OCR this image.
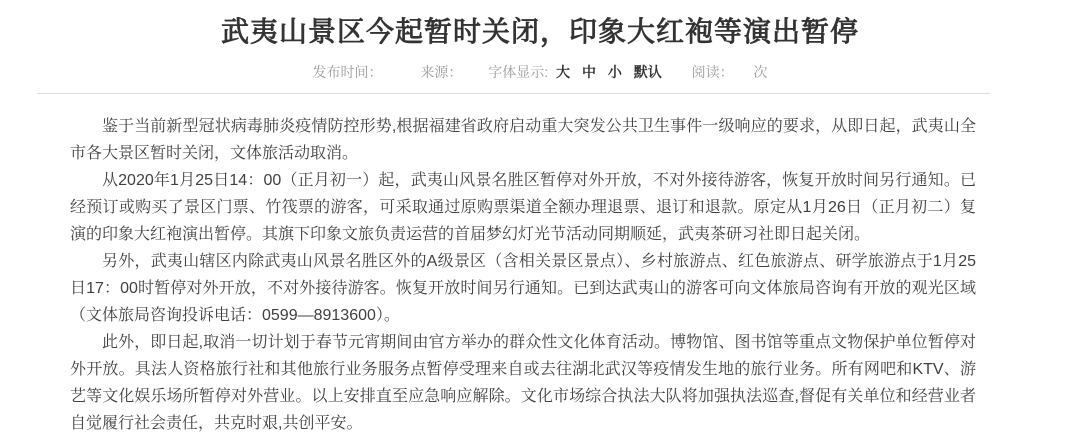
武夷山景区今起暂时关闭，印象大红袍等演出暂停
发布时间：	来源： 字体显示: 大 中 小 默认 阅读： 次

鉴于当前新型冠状病毒肺炎疫情防控形势,根据福建省政府启动重大突发公共卫生事件一级响应的要求，从即日起，武夷山全市各大景区暂时关闭，文体旅活动取消。

从2020年1月25日14：00（正月初一）起，武夷山风景名胜区暂停对外开放，不对外接待游客，恢复开放时间另行通知。已经预订或购买了景区门票、竹筏票的游客，可采取通过原购票渠道全额办理退票、退订和退款。原定从1月26日（正月初二）复演的印象大红袍演出暂停。其旗下印象文旅负责运营的首届梦幻灯光节活动同期顺延，武夷茶研习社即日起关闭。

另外，武夷山辖区内除武夷山风景名胜区外的A级景区（含相关景区景点）、乡村旅游点、红色旅游点、研学旅游点于1月25日17：00时暂停对外开放，不对外接待游客。恢复开放时间另行通知。已到达武夷山的游客可向文体旅局咨询有开放的观光区域（文体旅局咨询投诉电话：0599—8913600）。

此外，即日起,取消一切计划于春节元宵期间由官方举办的群众性文化体育活动。博物馆、图书馆等重点文物保护单位暂停对外开放。具法人资格旅行社和其他旅行业务服务点暂停受理来自或去往湖北武汉等疫情发生地的旅行业务。所有网吧和KTV、游艺等文化娱乐场所暂停对外营业。以上安排直至应急响应解除。文化市场综合执法大队将加强执法巡查,督促有关单位和经营业者自觉履行社会责任，共克时艰,共创平安。
